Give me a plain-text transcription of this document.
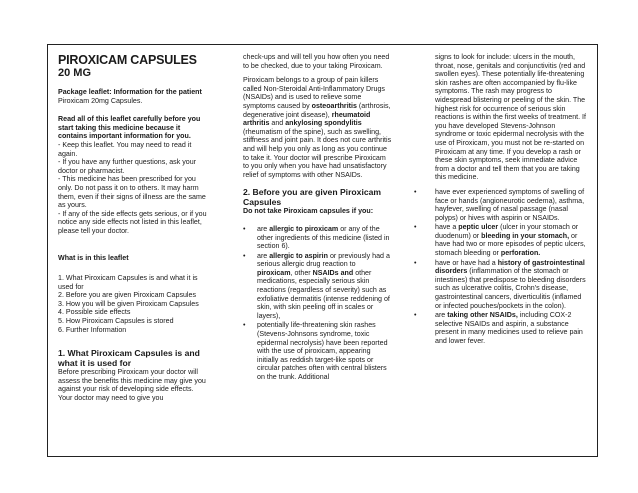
PIROXICAM CAPSULES
20 MG

Package leaflet: Information for the patient

Piroxicam 20mg Capsules.

Read all of this leaflet carefully before you start taking this medicine because it contains important information for you.

- Keep this leaflet. You may need to read it again.
- If you have any further questions, ask your doctor or pharmacist.
- This medicine has been prescribed for you only. Do not pass it on to others. It may harm them, even if their signs of illness are the same as yours.
- If any of the side effects gets serious, or if you notice any side effects not listed in this leaflet, please tell your doctor.

What is in this leaflet

1. What Piroxicam Capsules is and what it is used for
2. Before you are given Piroxicam Capsules
3. How you will be given Piroxicam Capsules
4. Possible side effects
5. How Piroxicam Capsules is stored
6. Further Information
1. What Piroxicam Capsules is and what it is used for

Before prescribing Piroxicam your doctor will assess the benefits this medicine may give you against your risk of developing side effects. Your doctor may need to give you

check-ups and will tell you how often you need to be checked, due to your taking Piroxicam.

Piroxicam belongs to a group of pain killers called Non-Steroidal Anti-Inflammatory Drugs (NSAIDs) and is used to relieve some symptoms caused by osteoarthritis (arthrosis, degenerative joint disease), rheumatoid arthritis and ankylosing spondylitis (rheumatism of the spine), such as swelling, stiffness and joint pain. It does not cure arthritis and will help you only as long as you continue to take it. Your doctor will prescribe Piroxicam to you only when you have had unsatisfactory relief of symptoms with other NSAIDs.

2. Before you are given Piroxicam Capsules

Do not take Piroxicam capsules if you:

• are allergic to piroxicam or any of the other ingredients of this medicine (listed in section 6).
• are allergic to aspirin or previously had a serious allergic drug reaction to piroxicam, other NSAIDs and other medications, especially serious skin reactions (regardless of severity) such as exfoliative dermatitis (intense reddening of skin, with skin peeling off in scales or layers),
• potentially life-threatening skin rashes (Stevens-Johnsons syndrome, toxic epidermal necrolysis) have been reported with the use of piroxicam, appearing initially as reddish target-like spots or circular patches often with central blisters on the trunk. Additional

signs to look for include: ulcers in the mouth, throat, nose, genitals and conjunctivitis (red and swollen eyes). These potentially life-threatening skin rashes are often accompanied by flu-like symptoms. The rash may progress to widespread blistering or peeling of the skin. The highest risk for occurrence of serious skin reactions is within the first weeks of treatment. If you have developed Stevens-Johnson syndrome or toxic epidermal necrolysis with the use of Piroxicam, you must not be re-started on Piroxicam at any time. If you develop a rash or these skin symptoms, seek immediate advice from a doctor and tell them that you are taking this medicine.

• have ever experienced symptoms of swelling of face or hands (angioneurotic oedema), asthma, hayfever, swelling of nasal passage (nasal polyps) or hives with aspirin or NSAIDs.
• have a peptic ulcer (ulcer in your stomach or duodenum) or bleeding in your stomach, or have had two or more episodes of peptic ulcers, stomach bleeding or perforation.
• have or have had a history of gastrointestinal disorders (inflammation of the stomach or intestines) that predispose to bleeding disorders such as ulcerative colitis, Crohn's disease, gastrointestinal cancers, diverticulitis (inflamed or infected pouches/pockets in the colon).
• are taking other NSAIDs, including COX-2 selective NSAIDs and aspirin, a substance present in many medicines used to relieve pain and lower fever.
